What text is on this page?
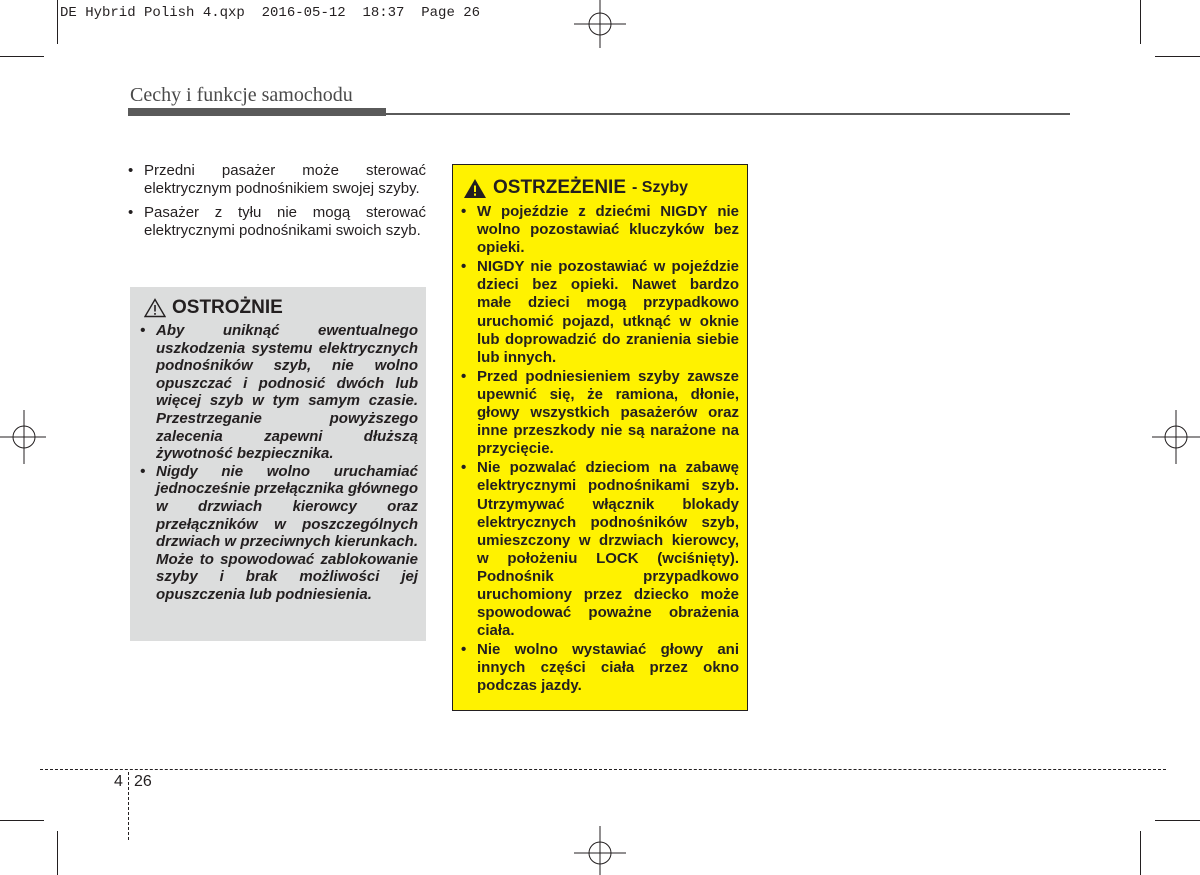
DE Hybrid Polish 4.qxp  2016-05-12  18:37  Page 26
Cechy i funkcje samochodu
• Przedni pasażer może sterować elektrycznym podnośnikiem swojej szyby.
• Pasażer z tyłu nie mogą sterować elektrycznymi podnośnikami swoich szyb.
OSTROŻNIE
• Aby uniknąć ewentualnego uszkodzenia systemu elektrycznych podnośników szyb, nie wolno opuszczać i podnosić dwóch lub więcej szyb w tym samym czasie. Przestrzeganie powyższego zalecenia zapewni dłuższą żywotność bezpiecznika.
• Nigdy nie wolno uruchamiać jednocześnie przełącznika głównego w drzwiach kierowcy oraz przełączników w poszczególnych drzwiach w przeciwnych kierunkach. Może to spowodować zablokowanie szyby i brak możliwości jej opuszczenia lub podniesienia.
OSTRZEŻENIE - Szyby
• W pojeździe z dziećmi NIGDY nie wolno pozostawiać kluczyków bez opieki.
• NIGDY nie pozostawiać w pojeździe dzieci bez opieki. Nawet bardzo małe dzieci mogą przypadkowo uruchomić pojazd, utknąć w oknie lub doprowadzić do zranienia siebie lub innych.
• Przed podniesieniem szyby zawsze upewnić się, że ramiona, dłonie, głowy wszystkich pasażerów oraz inne przeszkody nie są narażone na przycięcie.
• Nie pozwalać dzieciom na zabawę elektrycznymi podnośnikami szyb. Utrzymywać włącznik blokady elektrycznych podnośników szyb, umieszczony w drzwiach kierowcy, w położeniu LOCK (wciśnięty). Podnośnik przypadkowo uruchomiony przez dziecko może spowodować poważne obrażenia ciała.
• Nie wolno wystawiać głowy ani innych części ciała przez okno podczas jazdy.
4 26
